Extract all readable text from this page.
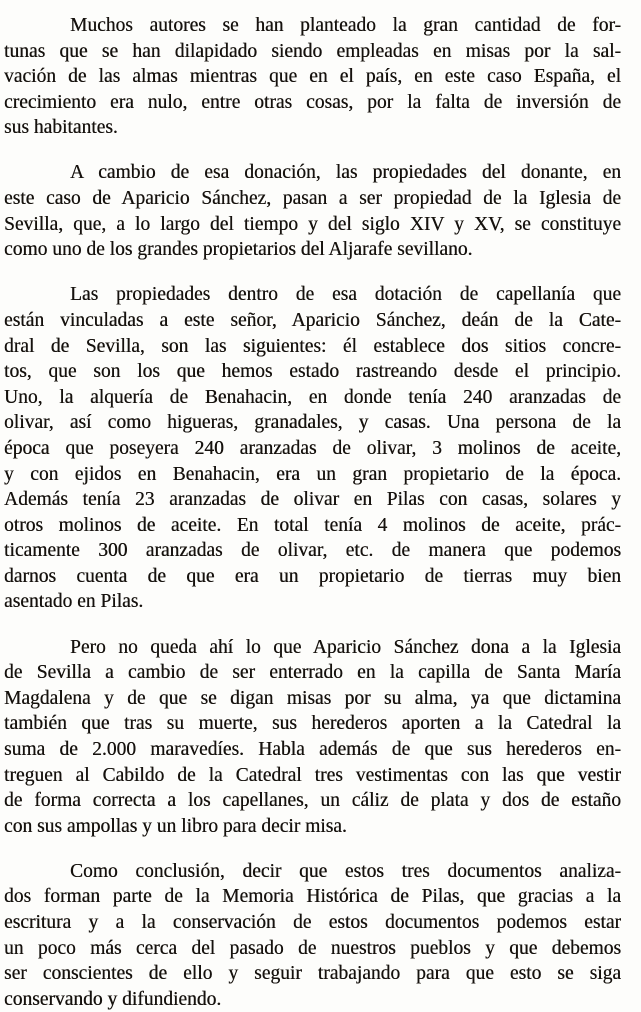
Muchos autores se han planteado la gran cantidad de for-
tunas que se han dilapidado siendo empleadas en misas por la sal-
vación de las almas mientras que en el país, en este caso España, el
crecimiento era nulo, entre otras cosas, por la falta de inversión de
sus habitantes.

A cambio de esa donación, las propiedades del donante, en
este caso de Aparicio Sánchez, pasan a ser propiedad de la Iglesia de
Sevilla, que, a lo largo del tiempo y del siglo XIV y XV, se constituye
como uno de los grandes propietarios del Aljarafe sevillano.

Las propiedades dentro de esa dotación de capellanía que
están vinculadas a este señor, Aparicio Sánchez, deán de la Cate-
dral de Sevilla, son las siguientes: él establece dos sitios concre-
tos, que son los que hemos estado rastreando desde el principio.
Uno, la alquería de Benahacin, en donde tenía 240 aranzadas de
olivar, así como higueras, granadales, y casas. Una persona de la
época que poseyera 240 aranzadas de olivar, 3 molinos de aceite,
y con ejidos en Benahacin, era un gran propietario de la época.
Además tenía 23 aranzadas de olivar en Pilas con casas, solares y
otros molinos de aceite. En total tenía 4 molinos de aceite, prác-
ticamente 300 aranzadas de olivar, etc. de manera que podemos
darnos cuenta de que era un propietario de tierras muy bien
asentado en Pilas.

Pero no queda ahí lo que Aparicio Sánchez dona a la Iglesia
de Sevilla a cambio de ser enterrado en la capilla de Santa María
Magdalena y de que se digan misas por su alma, ya que dictamina
también que tras su muerte, sus herederos aporten a la Catedral la
suma de 2.000 maravedíes. Habla además de que sus herederos en-
treguen al Cabildo de la Catedral tres vestimentas con las que vestir
de forma correcta a los capellanes, un cáliz de plata y dos de estaño
con sus ampollas y un libro para decir misa.

Como conclusión, decir que estos tres documentos analiza-
dos forman parte de la Memoria Histórica de Pilas, que gracias a la
escritura y a la conservación de estos documentos podemos estar
un poco más cerca del pasado de nuestros pueblos y que debemos
ser conscientes de ello y seguir trabajando para que esto se siga
conservando y difundiendo.
